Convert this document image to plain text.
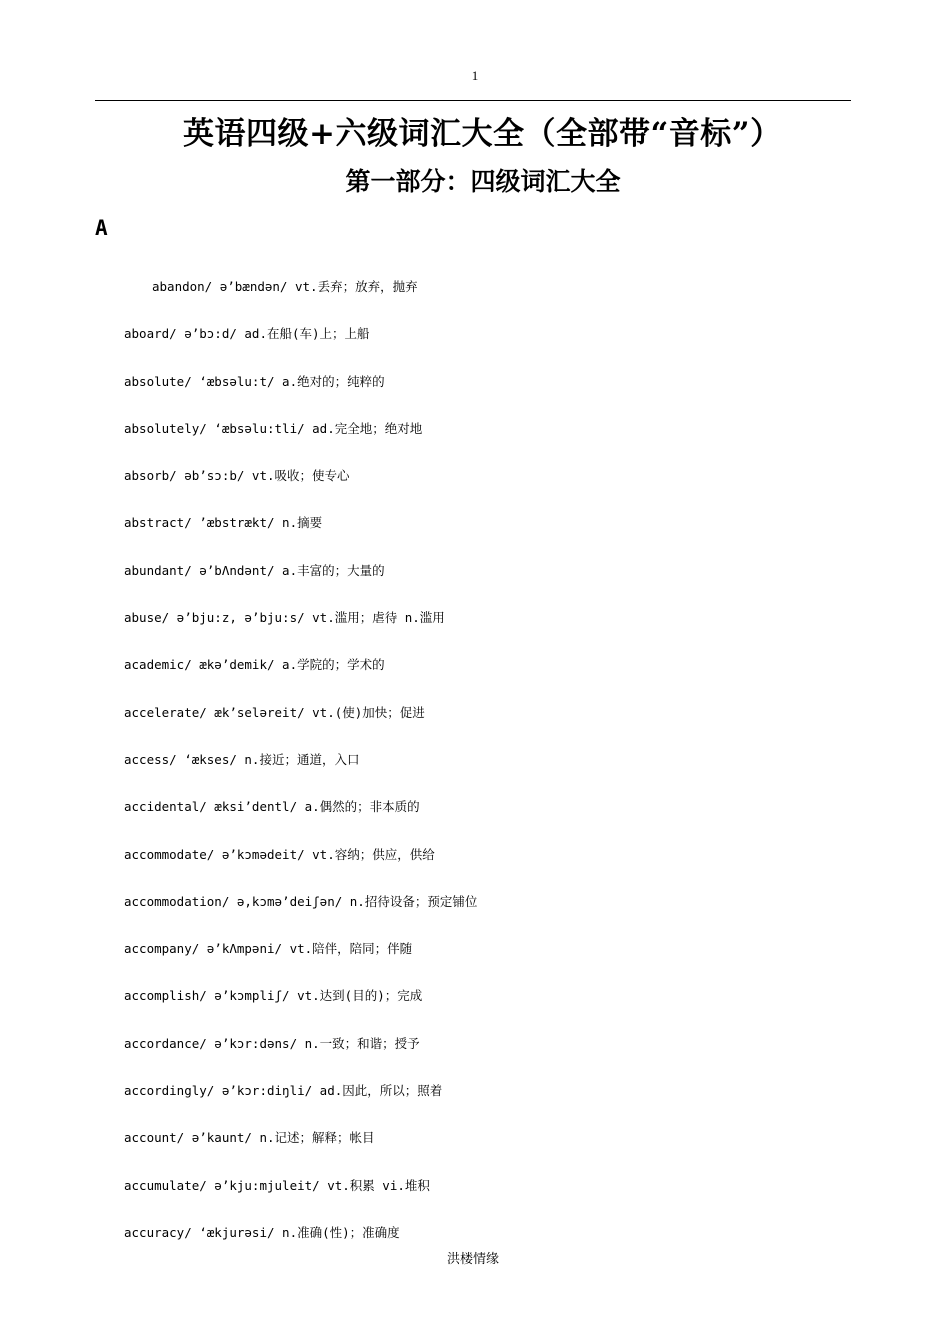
1
英语四级+六级词汇大全（全部带“音标”）
第一部分：四级词汇大全
A
abandon/ ə’bændən/ vt.丢弃；放弃，抛弃
aboard/ ə’bɔ:d/ ad.在船(车)上；上船
absolute/ ‘æbsəlu:t/ a.绝对的；纯粹的
absolutely/ ‘æbsəlu:tli/ ad.完全地；绝对地
absorb/ əb’sɔ:b/ vt.吸收；使专心
abstract/ ’æbstrækt/ n.摘要
abundant/ ə’bΛndənt/ a.丰富的；大量的
abuse/ ə’bju:z, ə’bju:s/ vt.滥用；虐待 n.滥用
academic/ ækə’demik/ a.学院的；学术的
accelerate/ æk’seləreit/ vt.(使)加快；促进
access/ ‘ækses/ n.接近；通道，入口
accidental/ æksi’dentl/ a.偶然的；非本质的
accommodate/ ə’kɔmədeit/ vt.容纳；供应，供给
accommodation/ ə,kɔmə’deiʃən/ n.招待设备；预定铺位
accompany/ ə’kΛmpəni/ vt.陪伴，陪同；伴随
accomplish/ ə’kɔmpliʃ/ vt.达到(目的)；完成
accordance/ ə’kɔr:dəns/ n.一致；和谐；授予
accordingly/ ə’kɔr:diŋli/ ad.因此，所以；照着
account/ ə’kaunt/ n.记述；解释；帐目
accumulate/ ə’kju:mjuleit/ vt.积累 vi.堆积
accuracy/ ‘ækjurəsi/ n.准确(性)；准确度
洪楼情缘
